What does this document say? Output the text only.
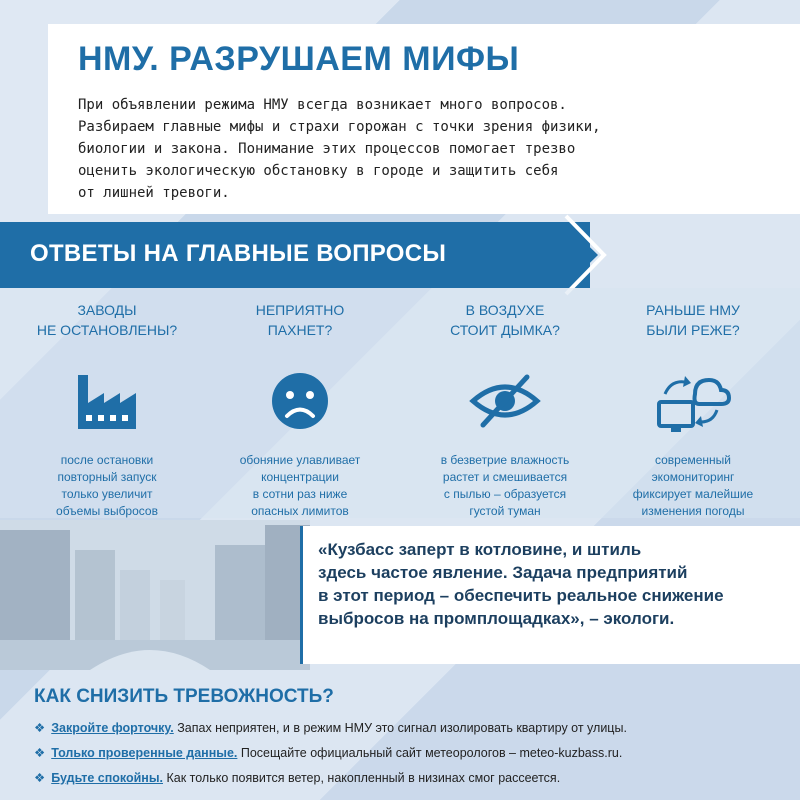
НМУ. РАЗРУШАЕМ МИФЫ
При объявлении режима НМУ всегда возникает много вопросов.
Разбираем главные мифы и страхи горожан с точки зрения физики,
биологии и закона. Понимание этих процессов помогает трезво
оценить экологическую обстановку в городе и защитить себя
от лишней тревоги.
ОТВЕТЫ НА ГЛАВНЫЕ ВОПРОСЫ
ЗАВОДЫ
НЕ ОСТАНОВЛЕНЫ?
после остановки
повторный запуск
только увеличит
объемы выбросов
НЕПРИЯТНО
ПАХНЕТ?
обоняние улавливает
концентрации
в сотни раз ниже
опасных лимитов
В ВОЗДУХЕ
СТОИТ ДЫМКА?
в безветрие влажность
растет и смешивается
с пылью – образуется
густой туман
РАНЬШЕ НМУ
БЫЛИ РЕЖЕ?
современный
экомониторинг
фиксирует малейшие
изменения погоды
«Кузбасс заперт в котловине, и штиль
здесь частое явление. Задача предприятий
в этот период – обеспечить реальное снижение
выбросов на промплощадках», – экологи.
КАК СНИЗИТЬ ТРЕВОЖНОСТЬ?
❖ Закройте форточку. Запах неприятен, и в режим НМУ это сигнал изолировать квартиру от улицы.
❖ Только проверенные данные. Посещайте официальный сайт метеорологов – meteo-kuzbass.ru.
❖ Будьте спокойны. Как только появится ветер, накопленный в низинах смог рассеется.
